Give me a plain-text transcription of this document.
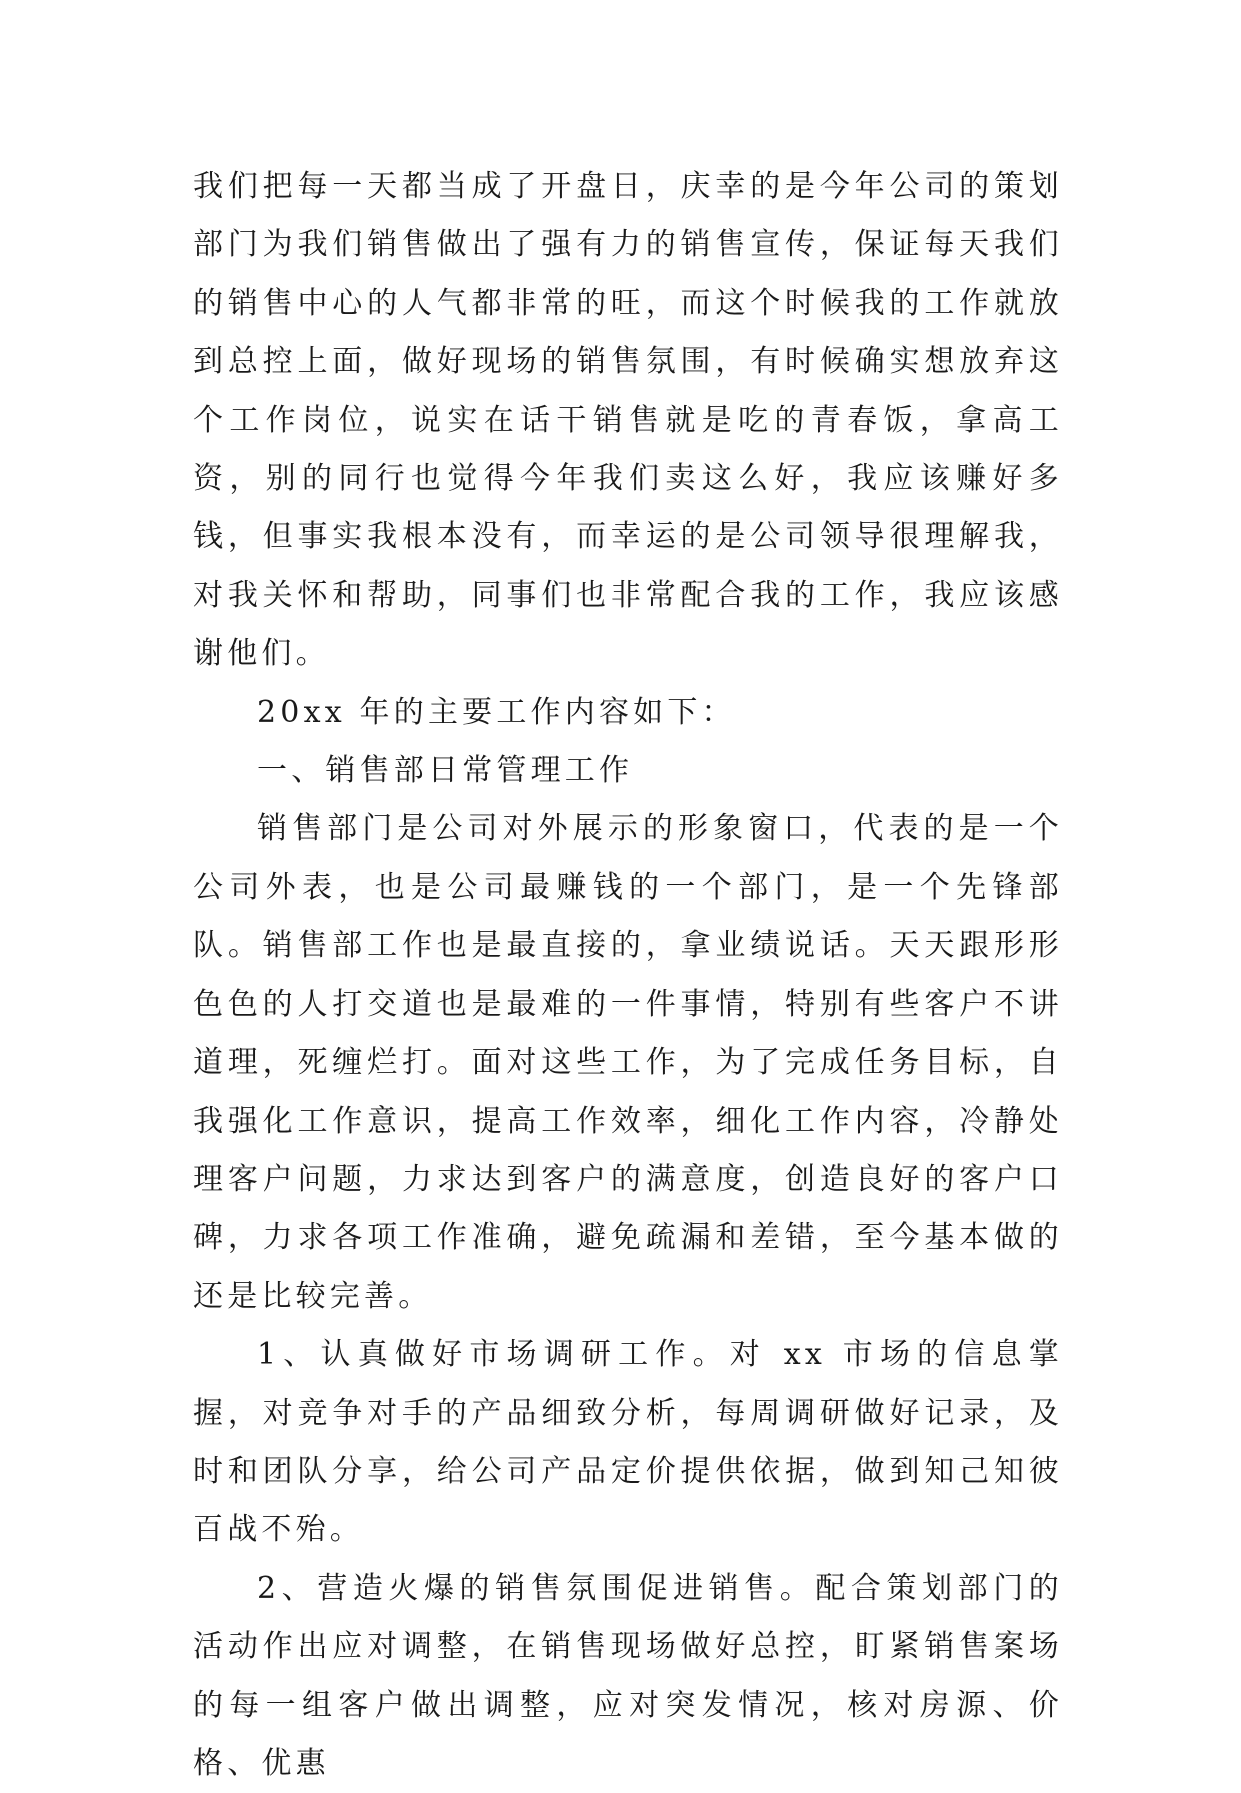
我们把每一天都当成了开盘日，庆幸的是今年公司的策划部门为我们销售做出了强有力的销售宣传，保证每天我们的销售中心的人气都非常的旺，而这个时候我的工作就放到总控上面，做好现场的销售氛围，有时候确实想放弃这个工作岗位，说实在话干销售就是吃的青春饭，拿高工资，别的同行也觉得今年我们卖这么好，我应该赚好多钱，但事实我根本没有，而幸运的是公司领导很理解我，对我关怀和帮助，同事们也非常配合我的工作，我应该感谢他们。

20xx 年的主要工作内容如下：

一、销售部日常管理工作

销售部门是公司对外展示的形象窗口，代表的是一个公司外表，也是公司最赚钱的一个部门，是一个先锋部队。销售部工作也是最直接的，拿业绩说话。天天跟形形色色的人打交道也是最难的一件事情，特别有些客户不讲道理，死缠烂打。面对这些工作，为了完成任务目标，自我强化工作意识，提高工作效率，细化工作内容，冷静处理客户问题，力求达到客户的满意度，创造良好的客户口碑，力求各项工作准确，避免疏漏和差错，至今基本做的还是比较完善。

1、认真做好市场调研工作。对 xx 市场的信息掌握，对竞争对手的产品细致分析，每周调研做好记录，及时和团队分享，给公司产品定价提供依据，做到知己知彼百战不殆。

2、营造火爆的销售氛围促进销售。配合策划部门的活动作出应对调整，在销售现场做好总控，盯紧销售案场的每一组客户做出调整，应对突发情况，核对房源、价格、优惠
